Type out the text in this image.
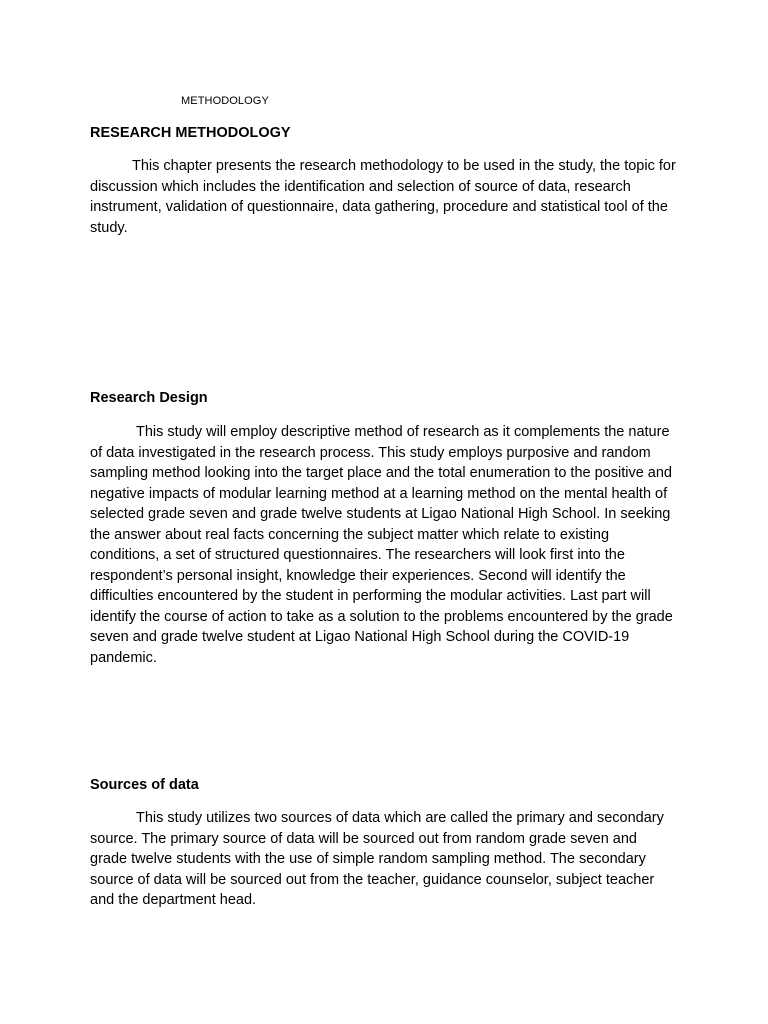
METHODOLOGY
RESEARCH METHODOLOGY

This chapter presents the research methodology to be used in the study, the topic for discussion which includes the identification and selection of source of data, research instrument, validation of questionnaire, data gathering, procedure and statistical tool of the study.

Research Design

This study will employ descriptive method of research as it complements the nature of data investigated in the research process. This study employs purposive and random sampling method looking into the target place and the total enumeration to the positive and negative impacts of modular learning method at a learning method on the mental health of selected grade seven and grade twelve students at Ligao National High School. In seeking the answer about real facts concerning the subject matter which relate to existing conditions, a set of structured questionnaires. The researchers will look first into the respondent’s personal insight, knowledge their experiences. Second will identify the difficulties encountered by the student in performing the modular activities. Last part will identify the course of action to take as a solution to the problems encountered by the grade seven and grade twelve student at Ligao National High School during the COVID-19 pandemic.

Sources of data

This study utilizes two sources of data which are called the primary and secondary source. The primary source of data will be sourced out from random grade seven and grade twelve students with the use of simple random sampling method. The secondary source of data will be sourced out from the teacher, guidance counselor, subject teacher and the department head.
